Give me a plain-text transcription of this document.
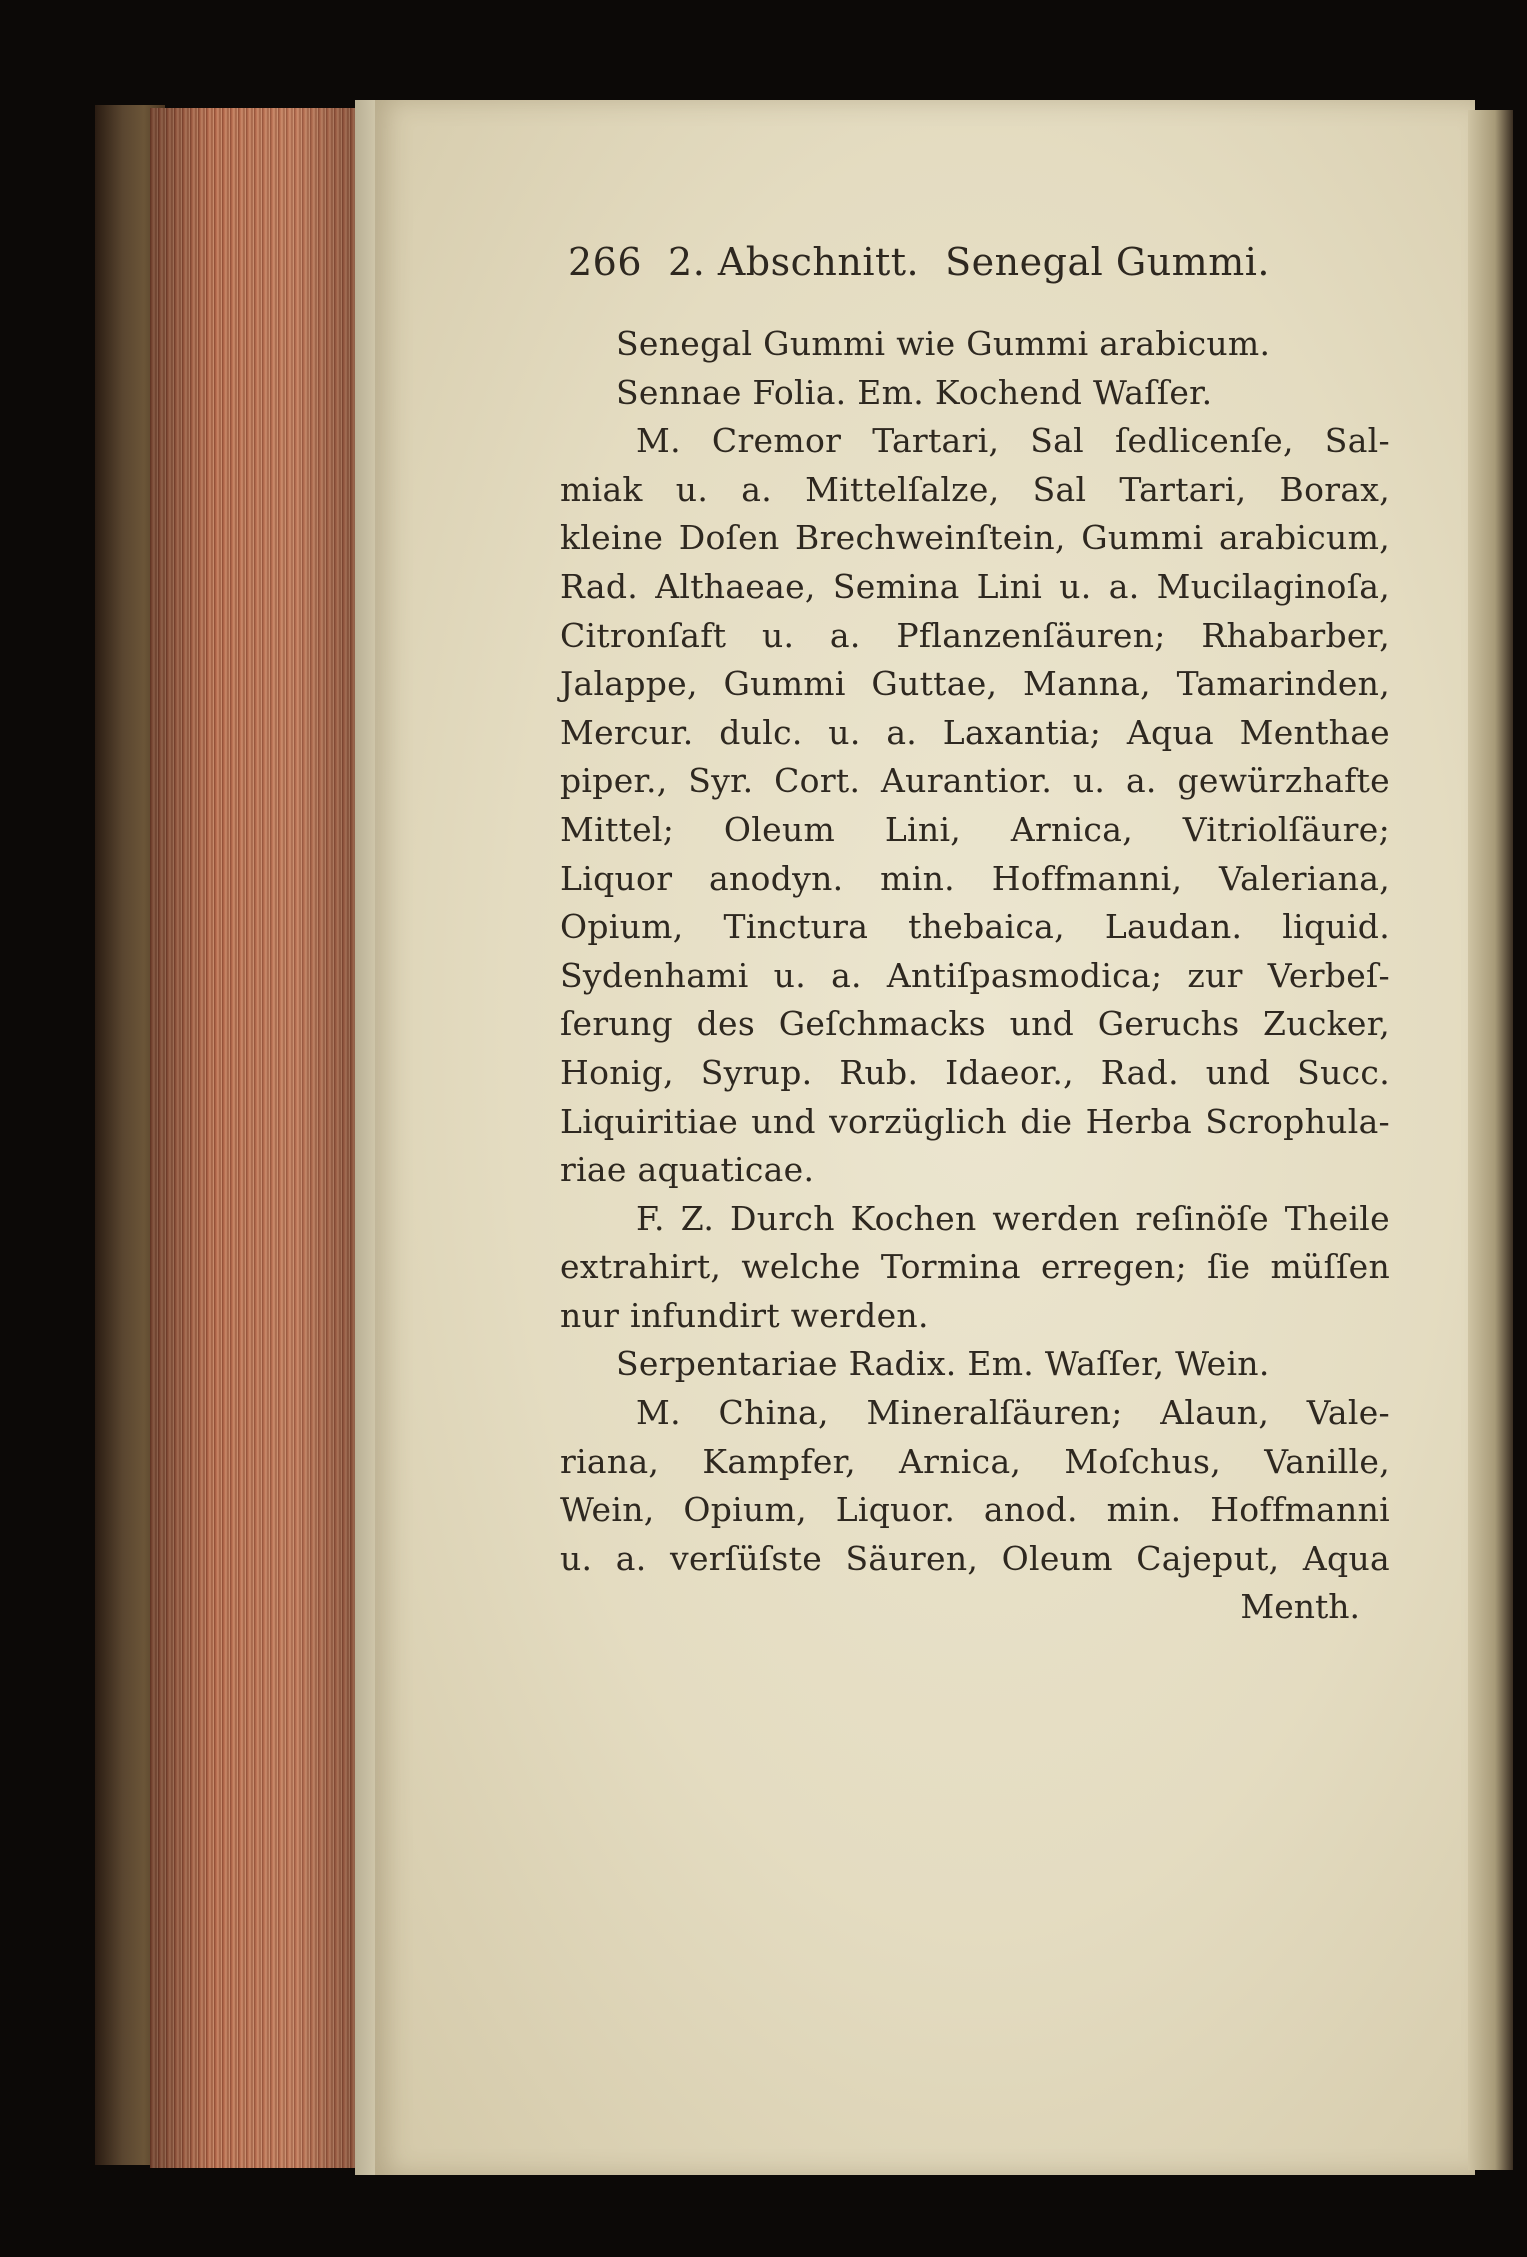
266 2. Abschnitt. Senegal Gummi.
Senegal Gummi wie Gummi arabicum.
Sennae Folia. Em. Kochend Waſſer.
M. Cremor Tartari, Sal ſedlicenſe, Sal-
miak u. a. Mittelſalze, Sal Tartari, Borax,
kleine Doſen Brechweinſtein, Gummi arabicum,
Rad. Althaeae, Semina Lini u. a. Mucilaginoſa,
Citronſaft u. a. Pflanzenſäuren; Rhabarber,
Jalappe, Gummi Guttae, Manna, Tamarinden,
Mercur. dulc. u. a. Laxantia; Aqua Menthae
piper., Syr. Cort. Aurantior. u. a. gewürzhafte
Mittel; Oleum Lini, Arnica, Vitriolſäure;
Liquor anodyn. min. Hoffmanni, Valeriana,
Opium, Tinctura thebaica, Laudan. liquid.
Sydenhami u. a. Antiſpasmodica; zur Verbeſ-
ſerung des Geſchmacks und Geruchs Zucker,
Honig, Syrup. Rub. Idaeor., Rad. und Succ.
Liquiritiae und vorzüglich die Herba Scrophula-
riae aquaticae.
F. Z. Durch Kochen werden reſinöſe Theile
extrahirt, welche Tormina erregen; ſie müſſen
nur infundirt werden.
Serpentariae Radix. Em. Waſſer, Wein.
M. China, Mineralſäuren; Alaun, Vale-
riana, Kampfer, Arnica, Moſchus, Vanille,
Wein, Opium, Liquor. anod. min. Hoffmanni
u. a. verſüſste Säuren, Oleum Cajeput, Aqua
Menth.
